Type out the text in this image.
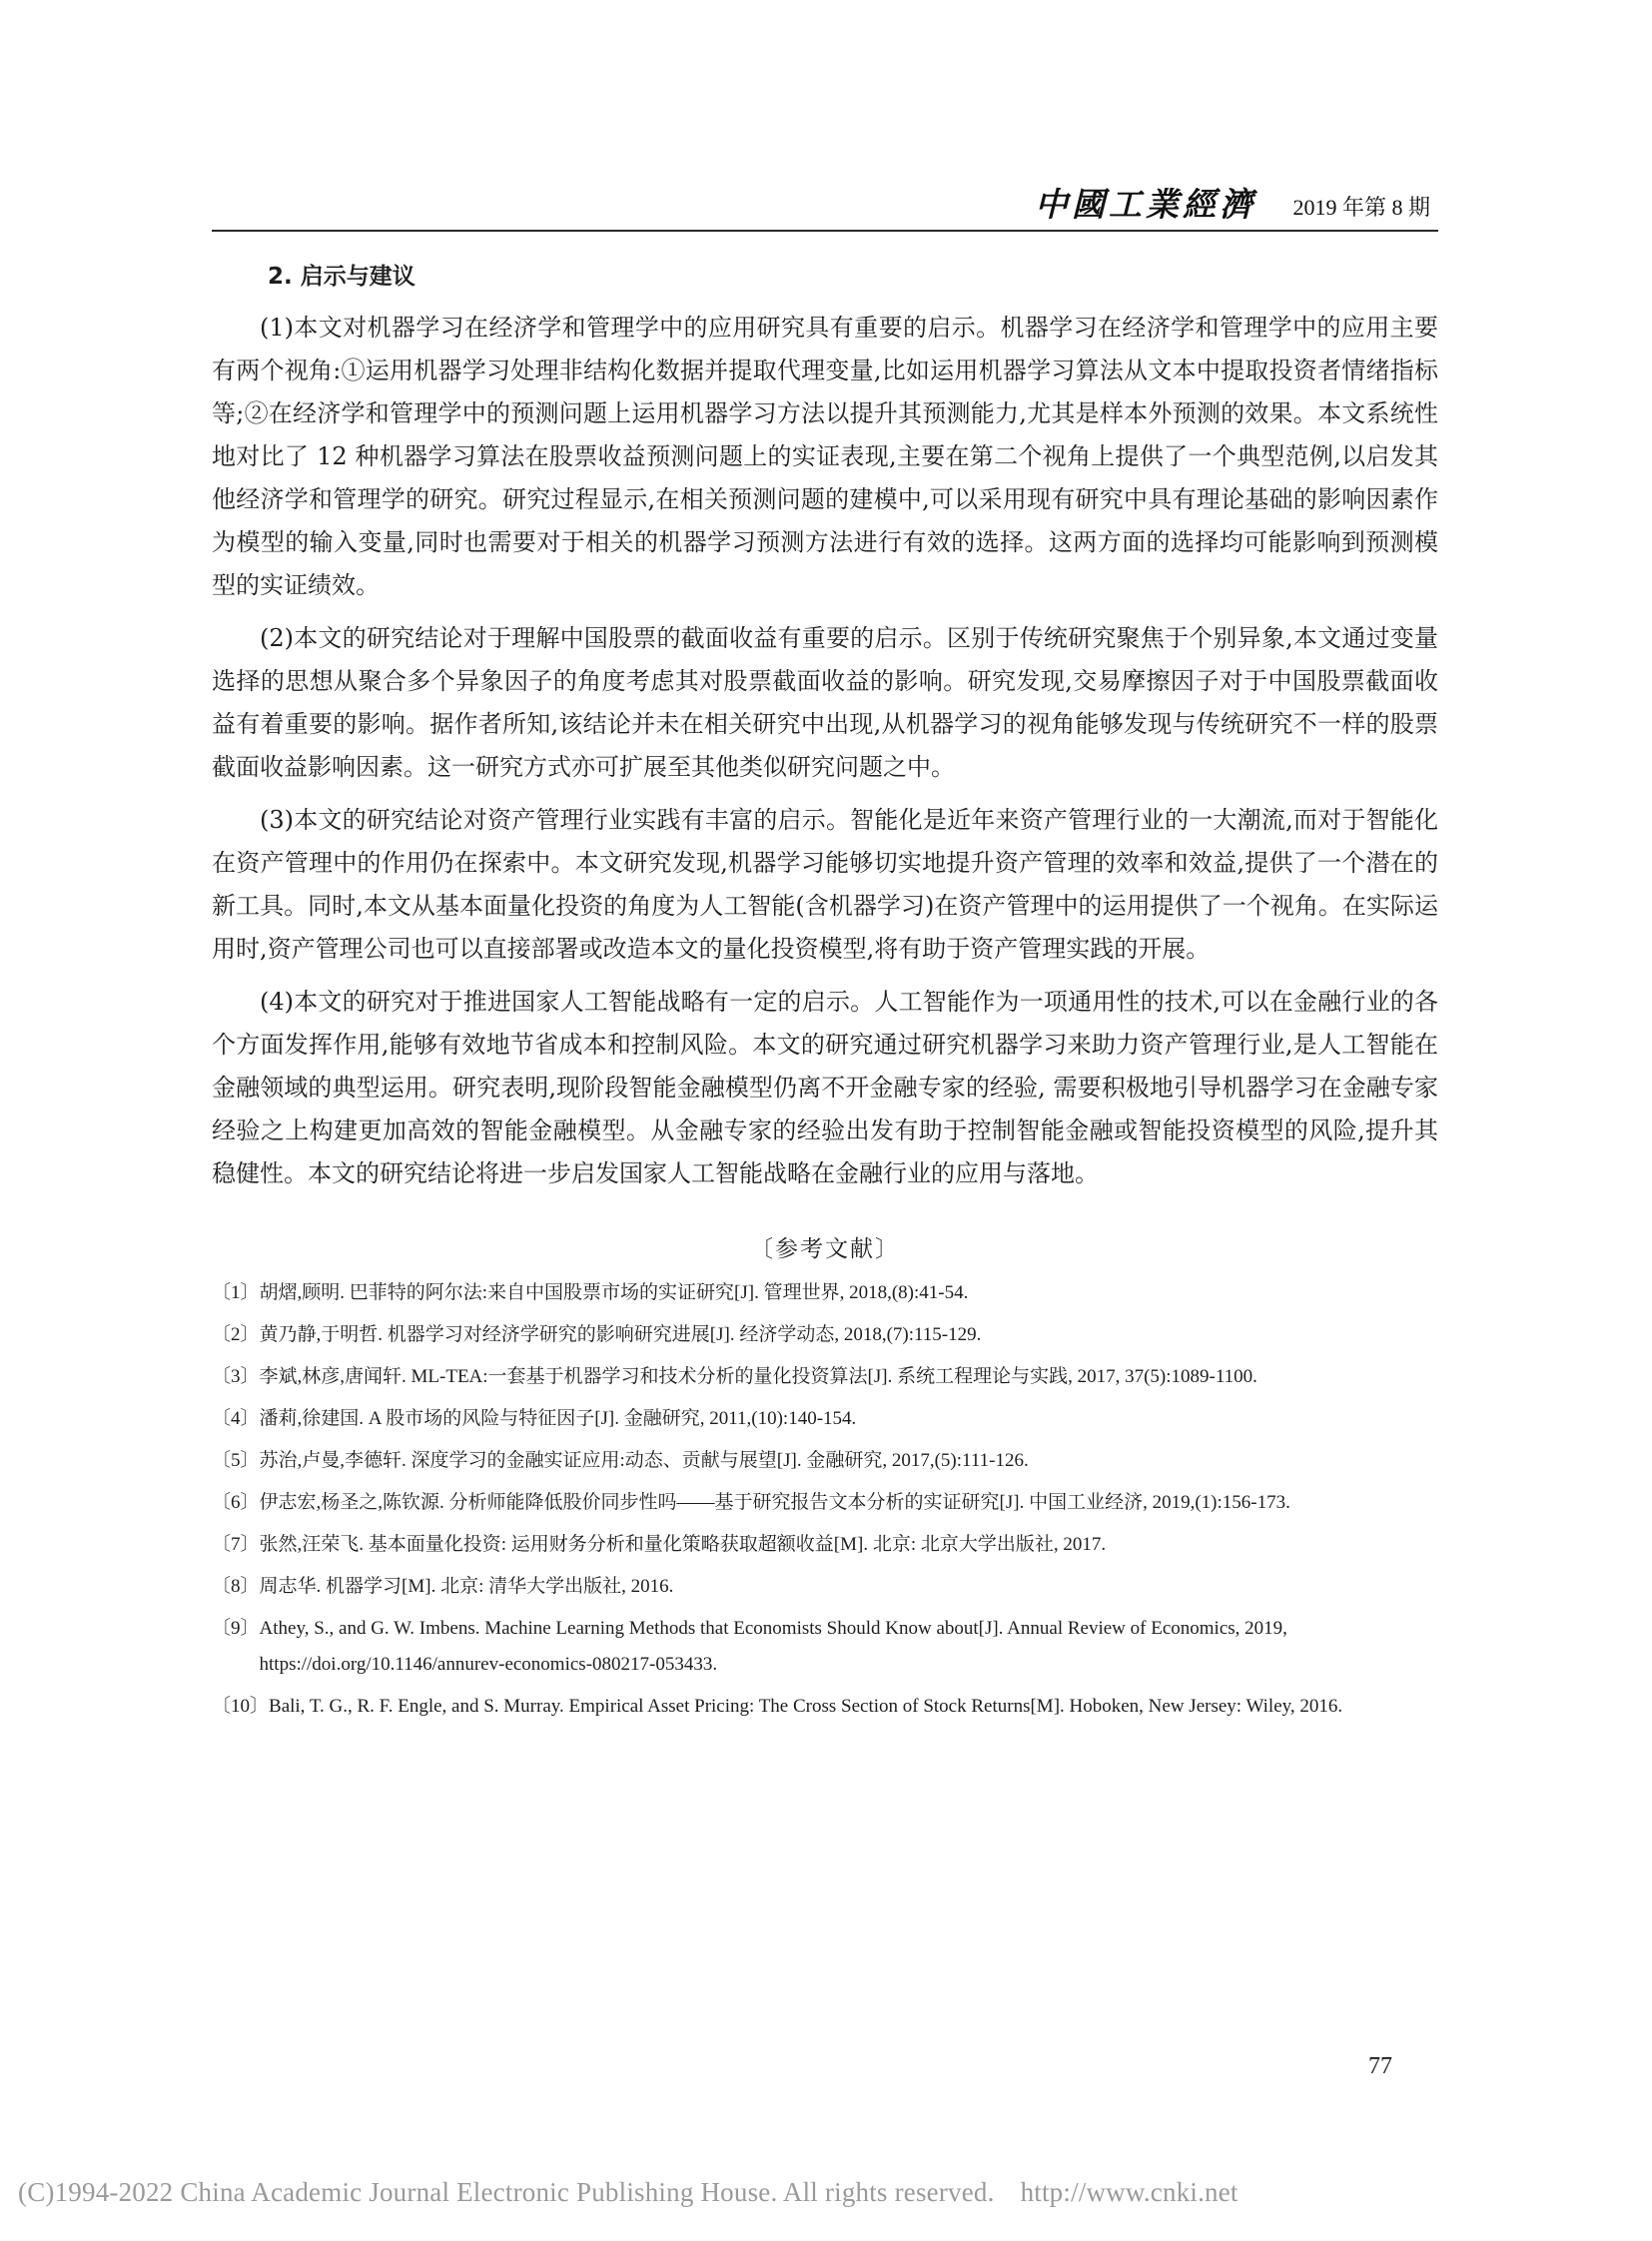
中國工業經濟 2019 年第 8 期
2. 启示与建议

(1)本文对机器学习在经济学和管理学中的应用研究具有重要的启示。机器学习在经济学和管理学中的应用主要有两个视角:①运用机器学习处理非结构化数据并提取代理变量,比如运用机器学习算法从文本中提取投资者情绪指标等;②在经济学和管理学中的预测问题上运用机器学习方法以提升其预测能力,尤其是样本外预测的效果。本文系统性地对比了 12 种机器学习算法在股票收益预测问题上的实证表现,主要在第二个视角上提供了一个典型范例,以启发其他经济学和管理学的研究。研究过程显示,在相关预测问题的建模中,可以采用现有研究中具有理论基础的影响因素作为模型的输入变量,同时也需要对于相关的机器学习预测方法进行有效的选择。这两方面的选择均可能影响到预测模型的实证绩效。

(2)本文的研究结论对于理解中国股票的截面收益有重要的启示。区别于传统研究聚焦于个别异象,本文通过变量选择的思想从聚合多个异象因子的角度考虑其对股票截面收益的影响。研究发现,交易摩擦因子对于中国股票截面收益有着重要的影响。据作者所知,该结论并未在相关研究中出现,从机器学习的视角能够发现与传统研究不一样的股票截面收益影响因素。这一研究方式亦可扩展至其他类似研究问题之中。

(3)本文的研究结论对资产管理行业实践有丰富的启示。智能化是近年来资产管理行业的一大潮流,而对于智能化在资产管理中的作用仍在探索中。本文研究发现,机器学习能够切实地提升资产管理的效率和效益,提供了一个潜在的新工具。同时,本文从基本面量化投资的角度为人工智能(含机器学习)在资产管理中的运用提供了一个视角。在实际运用时,资产管理公司也可以直接部署或改造本文的量化投资模型,将有助于资产管理实践的开展。

(4)本文的研究对于推进国家人工智能战略有一定的启示。人工智能作为一项通用性的技术,可以在金融行业的各个方面发挥作用,能够有效地节省成本和控制风险。本文的研究通过研究机器学习来助力资产管理行业,是人工智能在金融领域的典型运用。研究表明,现阶段智能金融模型仍离不开金融专家的经验, 需要积极地引导机器学习在金融专家经验之上构建更加高效的智能金融模型。从金融专家的经验出发有助于控制智能金融或智能投资模型的风险,提升其稳健性。本文的研究结论将进一步启发国家人工智能战略在金融行业的应用与落地。

〔参考文献〕
〔1〕 胡熠,顾明. 巴菲特的阿尔法:来自中国股票市场的实证研究[J]. 管理世界, 2018,(8):41-54.
〔2〕 黄乃静,于明哲. 机器学习对经济学研究的影响研究进展[J]. 经济学动态, 2018,(7):115-129.
〔3〕 李斌,林彦,唐闻轩. ML-TEA:一套基于机器学习和技术分析的量化投资算法[J]. 系统工程理论与实践, 2017, 37(5):1089-1100.
〔4〕 潘莉,徐建国. A 股市场的风险与特征因子[J]. 金融研究, 2011,(10):140-154.
〔5〕 苏治,卢曼,李德轩. 深度学习的金融实证应用:动态、贡献与展望[J]. 金融研究, 2017,(5):111-126.
〔6〕 伊志宏,杨圣之,陈钦源. 分析师能降低股价同步性吗——基于研究报告文本分析的实证研究[J]. 中国工业经济, 2019,(1):156-173.
〔7〕 张然,汪荣飞. 基本面量化投资: 运用财务分析和量化策略获取超额收益[M]. 北京: 北京大学出版社, 2017.
〔8〕 周志华. 机器学习[M]. 北京: 清华大学出版社, 2016.
〔9〕 Athey, S., and G. W. Imbens. Machine Learning Methods that Economists Should Know about[J]. Annual Review of Economics, 2019, https://doi.org/10.1146/annurev-economics-080217-053433.
〔10〕 Bali, T. G., R. F. Engle, and S. Murray. Empirical Asset Pricing: The Cross Section of Stock Returns[M]. Hoboken, New Jersey: Wiley, 2016.
77
(C)1994-2022 China Academic Journal Electronic Publishing House. All rights reserved. http://www.cnki.net
